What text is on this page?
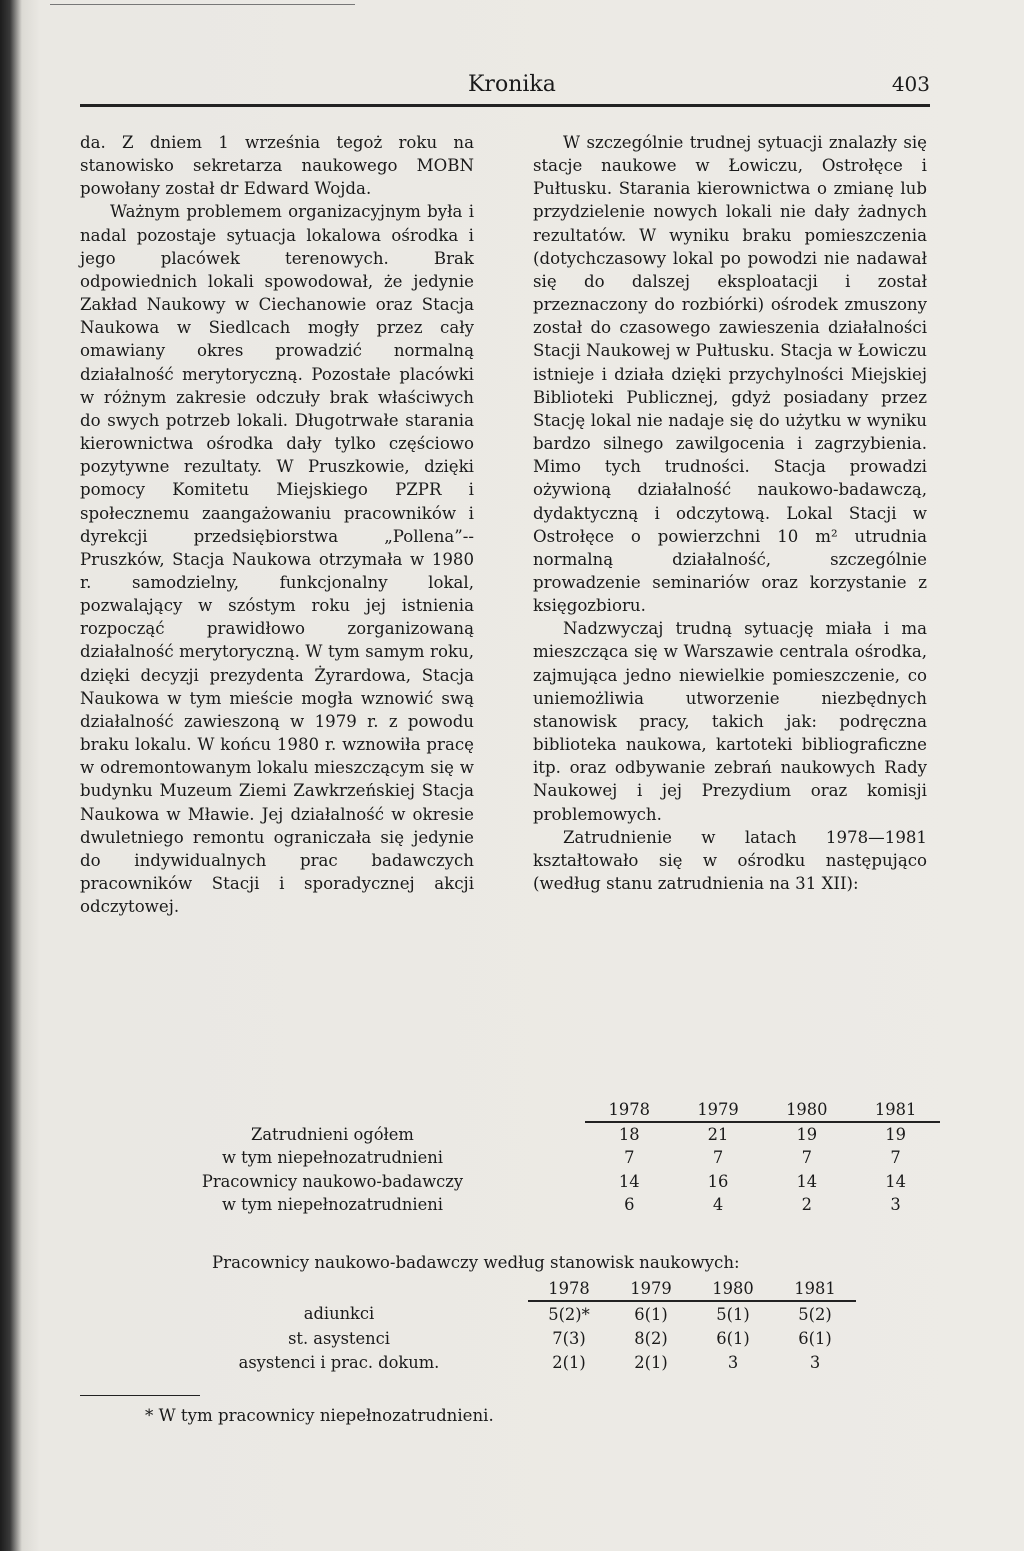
Kronika	403

da. Z dniem 1 września tegoż roku na stanowisko sekretarza naukowego MOBN powołany został dr Edward Wojda.

Ważnym problemem organizacyjnym była i nadal pozostaje sytuacja lokalowa ośrodka i jego placówek terenowych. Brak odpowiednich lokali spowodował, że jedynie Zakład Naukowy w Ciechanowie oraz Stacja Naukowa w Siedlcach mogły przez cały omawiany okres prowadzić normalną działalność merytoryczną. Pozostałe placówki w różnym zakresie odczuły brak właściwych do swych potrzeb lokali. Długotrwałe starania kierownictwa ośrodka dały tylko częściowo pozytywne rezultaty. W Pruszkowie, dzięki pomocy Komitetu Miejskiego PZPR i społecznemu zaangażowaniu pracowników i dyrekcji przedsiębiorstwa „Pollena”--Pruszków, Stacja Naukowa otrzymała w 1980 r. samodzielny, funkcjonalny lokal, pozwalający w szóstym roku jej istnienia rozpocząć prawidłowo zorganizowaną działalność merytoryczną. W tym samym roku, dzięki decyzji prezydenta Żyrardowa, Stacja Naukowa w tym mieście mogła wznowić swą działalność zawieszoną w 1979 r. z powodu braku lokalu. W końcu 1980 r. wznowiła pracę w odremontowanym lokalu mieszczącym się w budynku Muzeum Ziemi Zawkrzeńskiej Stacja Naukowa w Mławie. Jej działalność w okresie dwuletniego remontu ograniczała się jedynie do indywidualnych prac badawczych pracowników Stacji i sporadycznej akcji odczytowej.

W szczególnie trudnej sytuacji znalazły się stacje naukowe w Łowiczu, Ostrołęce i Pułtusku. Starania kierownictwa o zmianę lub przydzielenie nowych lokali nie dały żadnych rezultatów. W wyniku braku pomieszczenia (dotychczasowy lokal po powodzi nie nadawał się do dalszej eksploatacji i został przeznaczony do rozbiórki) ośrodek zmuszony został do czasowego zawieszenia działalności Stacji Naukowej w Pułtusku. Stacja w Łowiczu istnieje i działa dzięki przychylności Miejskiej Biblioteki Publicznej, gdyż posiadany przez Stację lokal nie nadaje się do użytku w wyniku bardzo silnego zawilgocenia i zagrzybienia. Mimo tych trudności. Stacja prowadzi ożywioną działalność naukowo-badawczą, dydaktyczną i odczytową. Lokal Stacji w Ostrołęce o powierzchni 10 m² utrudnia normalną działalność, szczególnie prowadzenie seminariów oraz korzystanie z księgozbioru.

Nadzwyczaj trudną sytuację miała i ma mieszcząca się w Warszawie centrala ośrodka, zajmująca jedno niewielkie pomieszczenie, co uniemożliwia utworzenie niezbędnych stanowisk pracy, takich jak: podręczna biblioteka naukowa, kartoteki bibliograficzne itp. oraz odbywanie zebrań naukowych Rady Naukowej i jej Prezydium oraz komisji problemowych.

Zatrudnienie w latach 1978—1981 kształtowało się w ośrodku następująco (według stanu zatrudnienia na 31 XII):

	1978	1979	1980	1981
Zatrudnieni ogółem	18	21	19	19
w tym niepełnozatrudnieni	7	7	7	7
Pracownicy naukowo-badawczy	14	16	14	14
w tym niepełnozatrudnieni	6	4	2	3
Pracownicy naukowo-badawczy według stanowisk naukowych:
	1978	1979	1980	1981
adiunkci	5(2)*	6(1)	5(1)	5(2)
st. asystenci	7(3)	8(2)	6(1)	6(1)
asystenci i prac. dokum.	2(1)	2(1)	3	3
* W tym pracownicy niepełnozatrudnieni.
